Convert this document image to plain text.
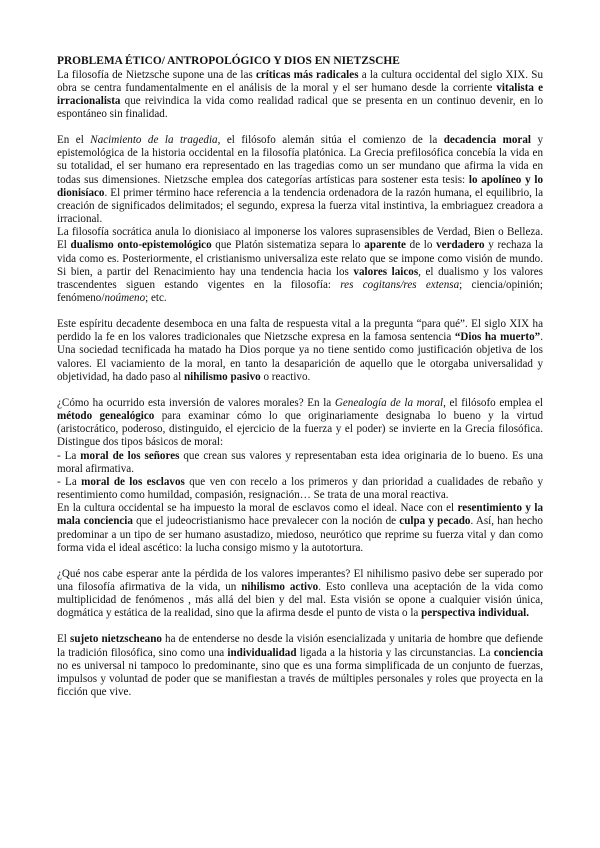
PROBLEMA ÉTICO/ ANTROPOLÓGICO Y DIOS EN NIETZSCHE

La filosofía de Nietzsche supone una de las críticas más radicales a la cultura occidental del siglo XIX. Su obra se centra fundamentalmente en el análisis de la moral y el ser humano desde la corriente vitalista e irracionalista que reivindica la vida como realidad radical que se presenta en un continuo devenir, en lo espontáneo sin finalidad.

En el Nacimiento de la tragedia, el filósofo alemán sitúa el comienzo de la decadencia moral y epistemológica de la historia occidental en la filosofía platónica. La Grecia prefilosófica concebía la vida en su totalidad, el ser humano era representado en las tragedias como un ser mundano que afirma la vida en todas sus dimensiones. Nietzsche emplea dos categorías artísticas para sostener esta tesis: lo apolíneo y lo dionisíaco. El primer término hace referencia a la tendencia ordenadora de la razón humana, el equilibrio, la creación de significados delimitados; el segundo, expresa la fuerza vital instintiva, la embriaguez creadora a irracional.

La filosofía socrática anula lo dionisiaco al imponerse los valores suprasensibles de Verdad, Bien o Belleza. El dualismo onto-epistemológico que Platón sistematiza separa lo aparente de lo verdadero y rechaza la vida como es. Posteriormente, el cristianismo universaliza este relato que se impone como visión de mundo. Si bien, a partir del Renacimiento hay una tendencia hacia los valores laicos, el dualismo y los valores trascendentes siguen estando vigentes en la filosofía: res cogitans/res extensa; ciencia/opinión; fenómeno/noúmeno; etc.

Este espíritu decadente desemboca en una falta de respuesta vital a la pregunta “para qué”. El siglo XIX ha perdido la fe en los valores tradicionales que Nietzsche expresa en la famosa sentencia “Dios ha muerto”. Una sociedad tecnificada ha matado ha Dios porque ya no tiene sentido como justificación objetiva de los valores. El vaciamiento de la moral, en tanto la desaparición de aquello que le otorgaba universalidad y objetividad, ha dado paso al nihilismo pasivo o reactivo.

¿Cómo ha ocurrido esta inversión de valores morales? En la Genealogía de la moral, el filósofo emplea el método genealógico para examinar cómo lo que originariamente designaba lo bueno y la virtud (aristocrático, poderoso, distinguido, el ejercicio de la fuerza y el poder) se invierte en la Grecia filosófica. Distingue dos tipos básicos de moral:

- La moral de los señores que crean sus valores y representaban esta idea originaria de lo bueno. Es una moral afirmativa.

- La moral de los esclavos que ven con recelo a los primeros y dan prioridad a cualidades de rebaño y resentimiento como humildad, compasión, resignación… Se trata de una moral reactiva.

En la cultura occidental se ha impuesto la moral de esclavos como el ideal. Nace con el resentimiento y la mala conciencia que el judeocristianismo hace prevalecer con la noción de culpa y pecado. Así, han hecho predominar a un tipo de ser humano asustadizo, miedoso, neurótico que reprime su fuerza vital y dan como forma vida el ideal ascético: la lucha consigo mismo y la autotortura.

¿Qué nos cabe esperar ante la pérdida de los valores imperantes? El nihilismo pasivo debe ser superado por una filosofía afirmativa de la vida, un nihilismo activo. Esto conlleva una aceptación de la vida como multiplicidad de fenómenos , más allá del bien y del mal. Esta visión se opone a cualquier visión única, dogmática y estática de la realidad, sino que la afirma desde el punto de vista o la perspectiva individual.

El sujeto nietzscheano ha de entenderse no desde la visión esencializada y unitaria de hombre que defiende la tradición filosófica, sino como una individualidad ligada a la historia y las circunstancias. La conciencia no es universal ni tampoco lo predominante, sino que es una forma simplificada de un conjunto de fuerzas, impulsos y voluntad de poder que se manifiestan a través de múltiples personales y roles que proyecta en la ficción que vive.
